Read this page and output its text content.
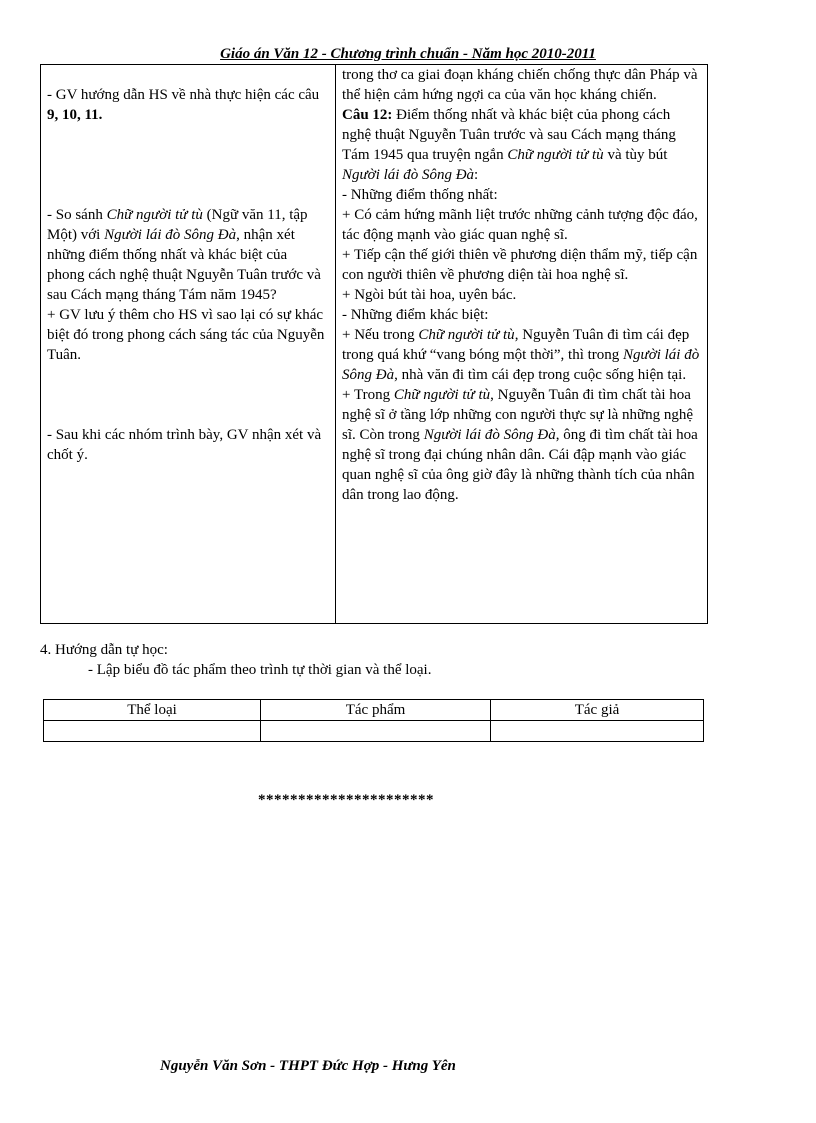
Giáo án Văn 12 - Chương trình chuẩn - Năm học 2010-2011
- GV hướng dẫn HS về nhà thực hiện các câu 9, 10, 11.
- So sánh Chữ người tử tù (Ngữ văn 11, tập Một) với Người lái đò Sông Đà, nhận xét những điểm thống nhất và khác biệt của phong cách nghệ thuật Nguyễn Tuân trước và sau Cách mạng tháng Tám năm 1945?
+ GV lưu ý thêm cho HS vì sao lại có sự khác biệt đó trong phong cách sáng tác của Nguyễn Tuân.
- Sau khi các nhóm trình bày, GV nhận xét và chốt ý.

trong thơ ca giai đoạn kháng chiến chống thực dân Pháp và thể hiện cảm hứng ngợi ca của văn học kháng chiến.

Câu 12: Điểm thống nhất và khác biệt của phong cách nghệ thuật Nguyễn Tuân trước và sau Cách mạng tháng Tám 1945 qua truyện ngắn Chữ người tử tù và tùy bút Người lái đò Sông Đà:

- Những điểm thống nhất:

+ Có cảm hứng mãnh liệt trước những cảnh tượng độc đáo, tác động mạnh vào giác quan nghệ sĩ.

+ Tiếp cận thế giới thiên về phương diện thẩm mỹ, tiếp cận con người thiên về phương diện tài hoa nghệ sĩ.

+ Ngòi bút tài hoa, uyên bác.

- Những điểm khác biệt:

+ Nếu trong Chữ người tử tù, Nguyễn Tuân đi tìm cái đẹp trong quá khứ “vang bóng một thời”, thì trong Người lái đò Sông Đà, nhà văn đi tìm cái đẹp trong cuộc sống hiện tại.

+ Trong Chữ người tử tù, Nguyễn Tuân đi tìm chất tài hoa nghệ sĩ ở tầng lớp những con người thực sự là những nghệ sĩ. Còn trong Người lái đò Sông Đà, ông đi tìm chất tài hoa nghệ sĩ trong đại chúng nhân dân. Cái đập mạnh vào giác quan nghệ sĩ của ông giờ đây là những thành tích của nhân dân trong lao động.

4. Hướng dẫn tự học:
- Lập biểu đồ tác phẩm theo trình tự thời gian và thể loại.
Thể loại	Tác phẩm	Tác giả

**********************
Nguyễn Văn Sơn - THPT Đức Hợp - Hưng Yên
